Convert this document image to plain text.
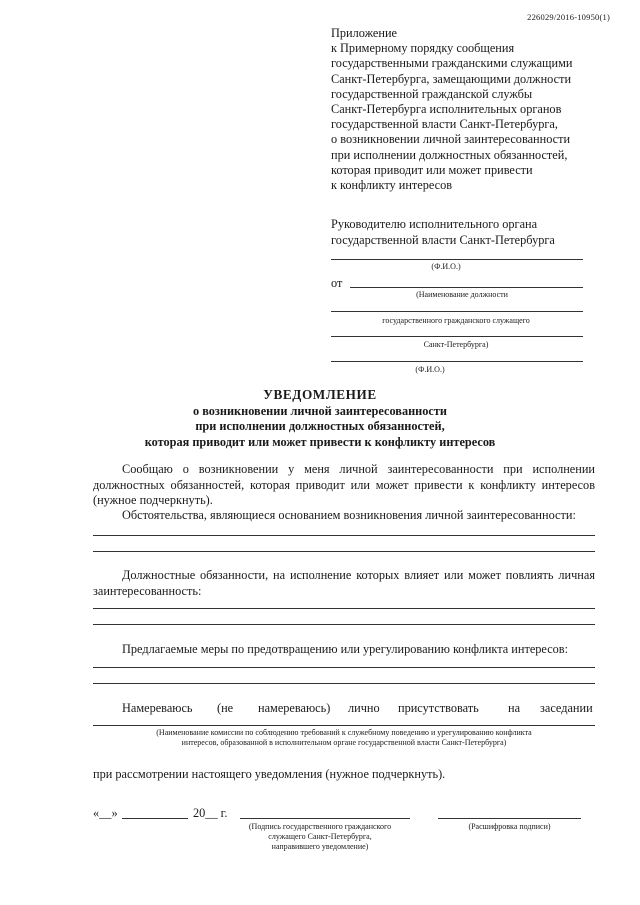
226029/2016-10950(1)
Приложение
к Примерному порядку сообщения
государственными гражданскими служащими
Санкт-Петербурга, замещающими должности
государственной гражданской службы
Санкт-Петербурга исполнительных органов
государственной власти Санкт-Петербурга,
о возникновении личной заинтересованности
при исполнении должностных обязанностей,
которая приводит или может привести
к конфликту интересов
Руководителю исполнительного органа
государственной власти Санкт-Петербурга
(Ф.И.О.)
от
(Наименование должности
государственного гражданского служащего
Санкт-Петербурга)
(Ф.И.О.)
УВЕДОМЛЕНИЕ
о возникновении личной заинтересованности
при исполнении должностных обязанностей,
которая приводит или может привести к конфликту интересов
Сообщаю о возникновении у меня личной заинтересованности при исполнении должностных обязанностей, которая приводит или может привести к конфликту интересов (нужное подчеркнуть).
Обстоятельства, являющиеся основанием возникновения личной заинтересованности:
Должностные обязанности, на исполнение которых влияет или может повлиять личная заинтересованность:
Предлагаемые меры по предотвращению или урегулированию конфликта интересов:
Намереваюсь (не намереваюсь) лично присутствовать на заседании
(Наименование комиссии по соблюдению требований к служебному поведению и урегулированию конфликта
интересов, образованной в исполнительном органе государственной власти Санкт-Петербурга)
при рассмотрении настоящего уведомления (нужное подчеркнуть).
«__»	20__ г.
(Подпись государственного гражданского
служащего Санкт-Петербурга,
направившего уведомление)
(Расшифровка подписи)
